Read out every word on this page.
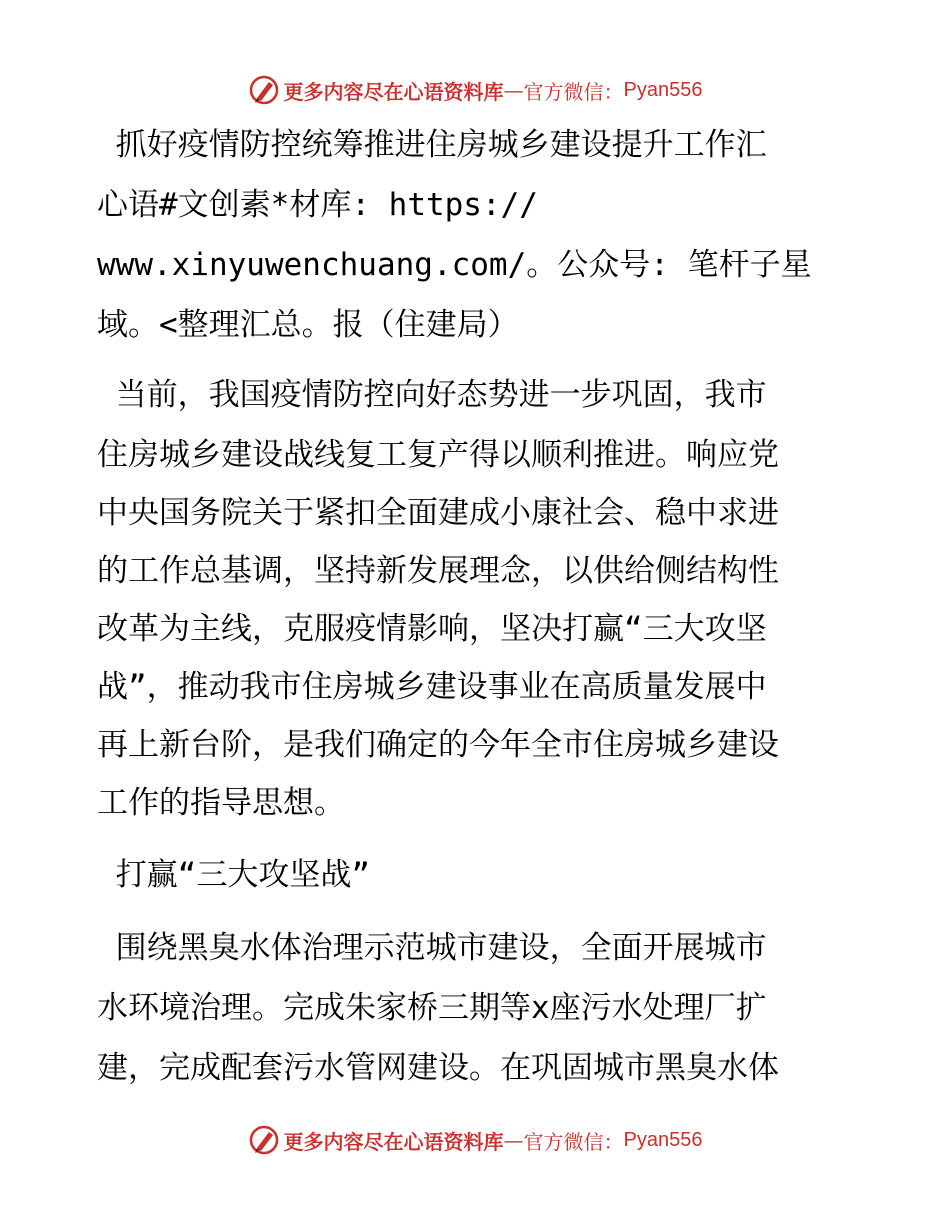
更多内容尽在心语资料库 — 官方微信： Pyan556
抓好疫情防控统筹推进住房城乡建设提升工作汇
心语#文创素*材库: https://
www.xinyuwenchuang.com/。公众号: 笔杆子星
域。<整理汇总。报（住建局）
当前，我国疫情防控向好态势进一步巩固，我市
住房城乡建设战线复工复产得以顺利推进。响应党
中央国务院关于紧扣全面建成小康社会、稳中求进
的工作总基调，坚持新发展理念，以供给侧结构性
改革为主线，克服疫情影响，坚决打赢“三大攻坚
战”，推动我市住房城乡建设事业在高质量发展中
再上新台阶，是我们确定的今年全市住房城乡建设
工作的指导思想。
打赢“三大攻坚战”
围绕黑臭水体治理示范城市建设，全面开展城市
水环境治理。完成朱家桥三期等x座污水处理厂扩
建，完成配套污水管网建设。在巩固城市黑臭水体
更多内容尽在心语资料库 — 官方微信： Pyan556
